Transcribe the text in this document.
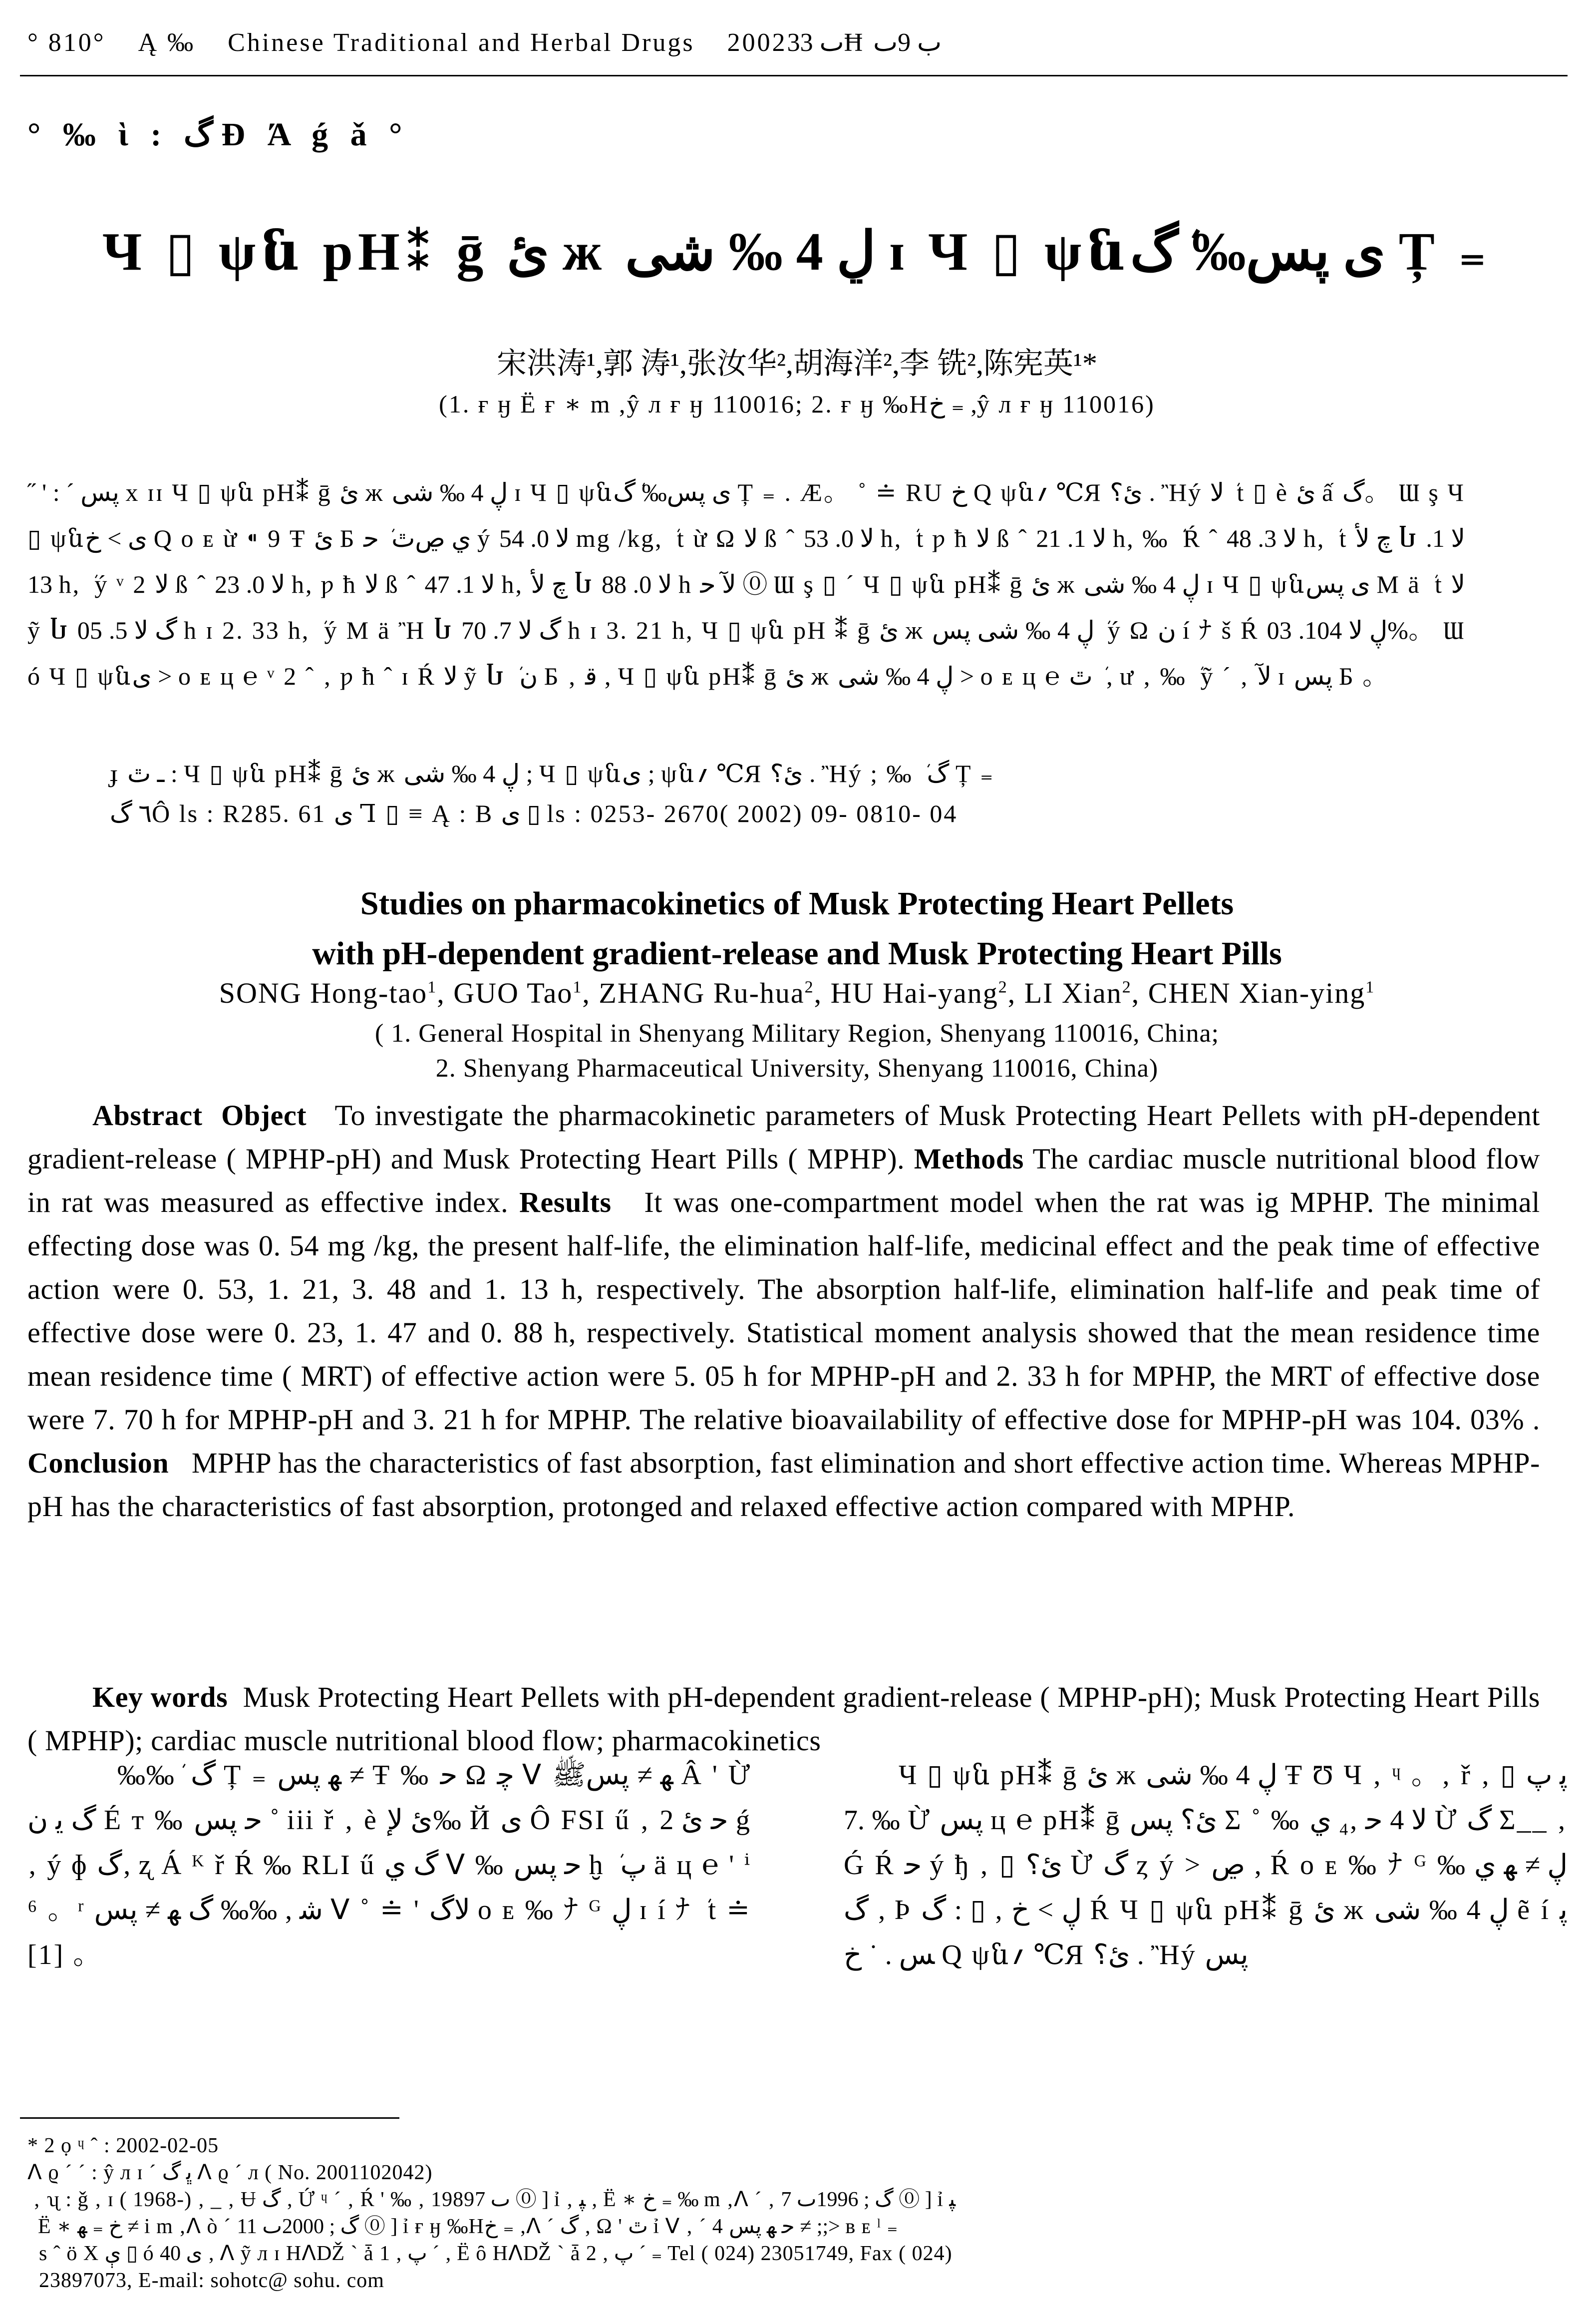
° 810° Ą ‰ Chinese Traditional and Herbal Drugs 2002ٮ 33Ħ ب 9ٮ
° ‰ ὶ : گ Ɖ Ά ǵ ǎ °
Ч ▯ ψն pH⁑ ḡ ئ ж ڸ 4 ‰ شى ɪ Ч ▯ ψնى پس‰ ܿگ Ț ₌
宋洪涛¹,郭 涛¹,张汝华²,胡海洋²,李 铣²,陈宪英¹*
(1. ғ ӈ Ё ғ ∗ m ,ŷ л ғ ӈ 110016; 2. ғ ӈ ‰Нخ ₌ ,ŷ л ғ ӈ 110016)
˝ ' : ˊ پس x ɪɪ Ч ▯ ψն pH⁑ ḡ ئ ж ڸ 4 ‰ شى ɪ Ч ▯ ψնى پس‰ ܿگ Ț ₌ . Æ。 ˚ ≐ RU خ Q ψն؍ ℃Я ئ؟ . Ἢý ﻻ ܿ t ▯ è ئ ấ گ。 Ɯ ş Ч ▯ ψնى > خ Q o ᴇ ừ ⁌ 9 Ŧ ئ Б ي ڝﭢ ܿ ﺣ ý ﻻ 0. 54 mg /kg, ܿ t ừ Ω ﻻ ß ˆ ﻻ 0. 53 h, ܿ t ƿ ħ ﻻ ß ˆ ﻻ 1. 21 h, ‰ ܿ Ŕ ˆ ﻻ 3. 48 h, ܿ t چ ﻷ Ⴑ ﻻ 1. 13 h, ܿ ý ᵛ 2 ﻻ ß ˆ ﻻ 0. 23 h, ƿ ħ ﻻ ß ˆ ﻻ 1. 47 h, چ ﻷ Ⴑ ﻻ 0. 88 h ﻵ ﺣ ⓪ Ɯ ş ▯ ˊ Ч ▯ ψն pH⁑ ḡ ئ ж ڸ 4 ‰ شى ɪ Ч ▯ ψնى پس M ä ܿ t ﻻ ỹ Ⴑ گ ﻻ 5. 05 h ɪ 2. 33 h, ܿ ý M ä Ἢ Ⴑ گ ﻻ 7. 70 h ɪ 3. 21 h, Ч ▯ ψն pH ⁑ ḡ ئ ж ڸ 4 ‰ شى پس ܿ ý Ω ﻥ í ﾅ š Ŕ ڸ ﻻ 104. 03%。 Ɯ ó Ч ▯ ψնى > o ᴇ ц ℮ ᵛ 2 ˆ ‚ ƿ ħ ˆ ɪ Ŕ ﻻ ỹ Ⴑ ܿ ﻥ Б ‚ ﻗ ‚ Ч ▯ ψն pH⁑ ḡ ئ ж ڸ 4 ‰ شى > o ᴇ ц ℮ ﭢ ܿ ‚ ư ‚ ‰ ܿ ỹ ˊ ‚ ﻵ ɪ پس Б 。
ɟ ـ ٿ : Ч ▯ ψն pH⁑ ḡ ئ ж ڸ 4 ‰ شى ; Ч ▯ ψնى ; ψն؍ ℃Я ئ؟ . Ἢý ; ‰ ܿ گ Ț ₌
٦ گÔ ls : R285. 61 ى Ꞁ ▯ ≡ Ą : B ى ▯ ls : 0253- 2670( 2002) 09- 0810- 04
Studies on pharmacokinetics of Musk Protecting Heart Pellets
with pH-dependent gradient-release and Musk Protecting Heart Pills
SONG Hong-tao$^1$, GUO Tao$^1$, ZHANG Ru-hua$^2$, HU Hai-yang$^2$, LI Xian$^2$, CHEN Xian-ying$^1$
( 1. General Hospital in Shenyang Military Region, Shenyang 110016, China;
2. Shenyang Pharmaceutical University, Shenyang 110016, China)
Abstract Object To investigate the pharmacokinetic parameters of Musk Protecting Heart Pellets with pH-dependent gradient-release ( MPHP-pH) and Musk Protecting Heart Pills ( MPHP). Methods The cardiac muscle nutritional blood flow in rat was measured as effective index. Results It was one-compartment model when the rat was ig MPHP. The minimal effecting dose was 0. 54 mg /kg, the present half-life, the elimination half-life, medicinal effect and the peak time of effective action were 0. 53, 1. 21, 3. 48 and 1. 13 h, respectively. The absorption half-life, elimination half-life and peak time of effective dose were 0. 23, 1. 47 and 0. 88 h, respectively. Statistical moment analysis showed that the mean residence time mean residence time ( MRT) of effective action were 5. 05 h for MPHP-pH and 2. 33 h for MPHP, the MRT of effective dose were 7. 70 h for MPHP-pH and 3. 21 h for MPHP. The relative bioavailability of effective dose for MPHP-pH was 104. 03% . Conclusion MPHP has the characteristics of fast absorption, fast elimination and short effective action time. Whereas MPHP-pH has the characteristics of fast absorption, protonged and relaxed effective action compared with MPHP.
Key words Musk Protecting Heart Pellets with pH-dependent gradient-release ( MPHP-pH); Musk Protecting Heart Pills ( MPHP); cardiac muscle nutritional blood flow; pharmacokinetics
‰‰ ܿ گ Ț ₌ ﻬ پس ≠ Ŧ ‰ ﺣ Ω ﭼ ᐯ ﻬ ≠ پسﷺ Â ' Ừ گ ﻳ ﻥ É т ‰ ﺣ پس ˚ iii ř ‚ è ئ ﻹ‰ Й ى Ô FSI ű ‚ ﺣ ئ 2 ǵ ‚ ý ɸ گ‚ ʐ Á ᴷ ř Ŕ ‰ RLI ű گ ﻱ ᐯ ‰ ﺣ پس ḫ ܿ ﭖ ä ц ℮ ' ⁱ ⁶ 。ʳ ﺷ , ‰‰ گ ﻬ ≠ پس ᐯ ˚ ≐ ' ﻻگ o ᴇ ‰ ﾅ ᴳ ڸ ɪ í ﾅ ܿ t ≐ [1] 。
Ч ▯ ψն pH⁑ ḡ ئ ж ڸ 4 ‰ شى Ŧ Ʊ Ч ‚ ᶣ 。‚ ř ‚ ▯ ﭘ ﭖ 7. ‰ Ừ پس ц ℮ pH⁑ ḡ ئ؟ پس Σ ˚ ‰ ﻻ 4 ﺣ ‚₄ ي Ừ گ Σ__ ‚ Ǵ Ŕ ﺣ ý ђ ‚ ▯ ئ؟ Ừ گ ȥ ý > ڝ ‚ Ŕ o ᴇ ‰ ﾅ ᴳ ڸ ≠ ﻬ ي ‰ گ ‚ Þ ڸ > خ ‚ ▯ : گ Ŕ Ч ▯ ψն pH⁑ ḡ ئ ж ڸ 4 ‰ شى ẽ í پس . ˙ خ Q ψն؍ ℃Я ئ؟ . Ἢý پس
* 2 ọ ᶣ ˆ : 2002-02-05
ᐱ ϱ ˊ ˊ : ŷ л ɪ ˊ ﭜ گ ᐱ ϱ ˊ л ( No. 2001102042)
‚ ʯ : ǧ ‚ ɪ ( 1968-) ‚ _ ‚ Ʉ گ ‚ Ứ ᶣ ˊ ‚ Ŕ ' ‰ ‚ 1989ٮ 7 ⓪ ] ỉ ‚ ﭙ ‚ Ë ∗ خ ₌ ‰ m ‚ᐱ ˊ ‚ گ ; 1996ٮ 7 ⓪ ] ỉ ﭙ
Ë ∗ خ ₌ ﻬ ≠ i m ‚ᐱ ò ˊ گ ; 2000ٮ 11 ⓪ ] ỉ ғ ӈ ‰Нخ ₌ ‚ᐱ ˊ گ ‚ Ω ' ٿ ỉ ᐯ ‚ ˊ 4 ﺣ ﻬ پس ≠ ;;> ʙ ᴇ ˡ ₌
s ˆ ö X ې ▯ ó ى 40 ‚ ᐱ ỹ л ɪ НᐱǄ ` ǡ ﭖ ‚ 1 ˊ ‚ Ë ȏ НᐱǄ ` ǡ ﭖ ‚ 2 ˊ ₌ Tel ( 024) 23051749, Fax ( 024)
23897073, E-mail: sohotc@ sohu. com
